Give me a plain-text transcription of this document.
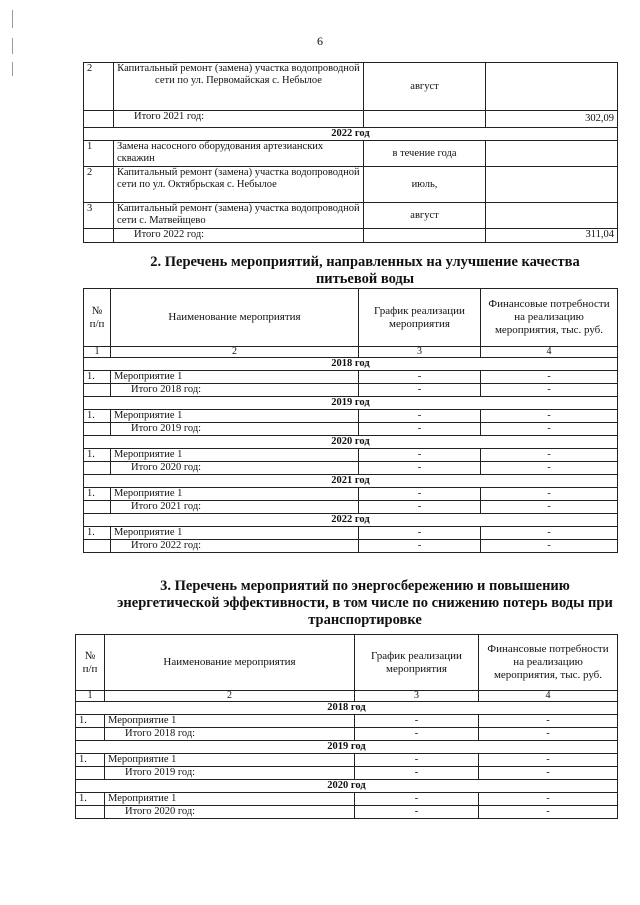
6
2	Капитальный ремонт (замена) участка водопроводной сети по ул. Первомайская с. Небылое	август	
	Итого 2021 год:		302,09
2022 год			
1	Замена насосного оборудования артезианских скважин	в течение года	
2	Капитальный ремонт (замена) участка водопроводной сети по ул. Октябрьская с. Небылое	июль,	
3	Капитальный ремонт (замена) участка водопроводной сети с. Матвейщево	август	
	Итого 2022 год:		311,04
2. Перечень мероприятий, направленных на улучшение качества питьевой воды
№ п/п	Наименование мероприятия	График реализации мероприятия	Финансовые потребности на реализацию мероприятия, тыс. руб.
1	2	3	4
2018 год			
1.	Мероприятие 1	-	-
	Итого 2018 год:	-	-
2019 год			
1.	Мероприятие 1	-	-
	Итого 2019 год:	-	-
2020 год			
1.	Мероприятие 1	-	-
	Итого 2020 год:	-	-
2021 год			
1.	Мероприятие 1	-	-
	Итого 2021 год:	-	-
2022 год			
1.	Мероприятие 1	-	-
	Итого 2022 год:	-	-
3. Перечень мероприятий по энергосбережению и повышению энергетической эффективности, в том числе по снижению потерь воды при транспортировке
№ п/п	Наименование мероприятия	График реализации мероприятия	Финансовые потребности на реализацию мероприятия, тыс. руб.
1	2	3	4
2018 год			
1.	Мероприятие 1	-	-
	Итого 2018 год:	-	-
2019 год			
1.	Мероприятие 1	-	-
	Итого 2019 год:	-	-
2020 год			
1.	Мероприятие 1	-	-
	Итого 2020 год:	-	-
